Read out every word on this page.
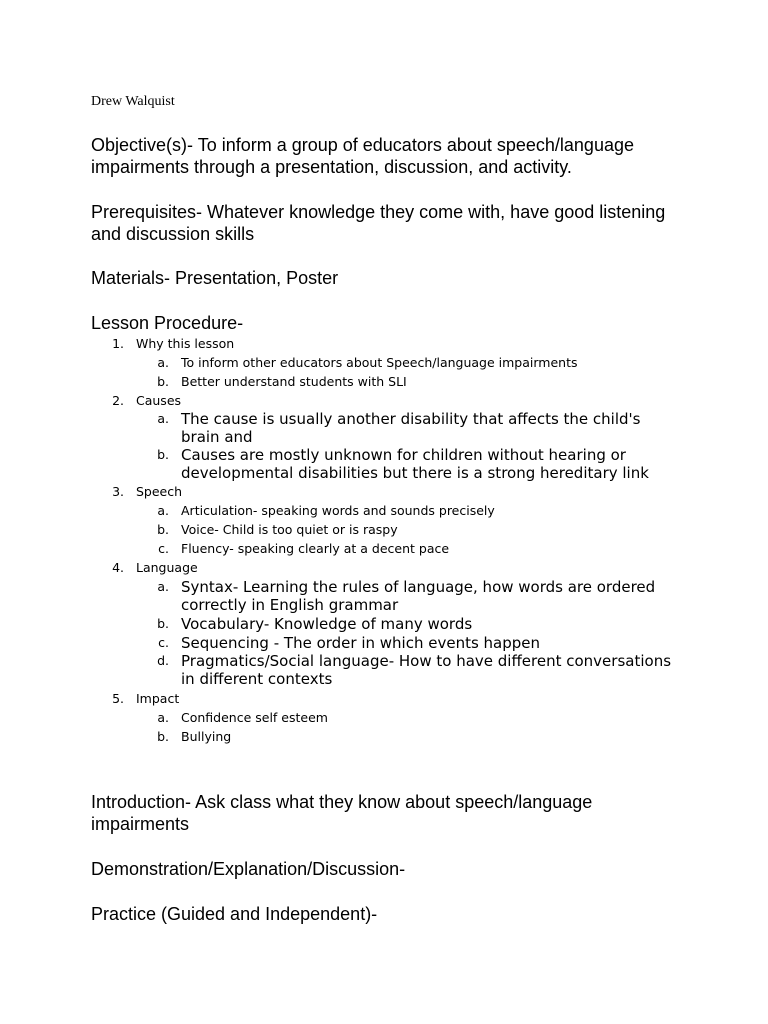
Drew Walquist
Objective(s)- To inform a group of educators about speech/language impairments through a presentation, discussion, and activity.
Prerequisites- Whatever knowledge they come with, have good listening and discussion skills
Materials- Presentation, Poster
Lesson Procedure-
1. Why this lesson
a. To inform other educators about Speech/language impairments
b. Better understand students with SLI
2. Causes
a. The cause is usually another disability that affects the child's brain and
b. Causes are mostly unknown for children without hearing or developmental disabilities but there is a strong hereditary link
3. Speech
a. Articulation- speaking words and sounds precisely
b. Voice- Child is too quiet or is raspy
c. Fluency- speaking clearly at a decent pace
4. Language
a. Syntax- Learning the rules of language, how words are ordered correctly in English grammar
b. Vocabulary- Knowledge of many words
c. Sequencing - The order in which events happen
d. Pragmatics/Social language- How to have different conversations in different contexts
5. Impact
a. Confidence self esteem
b. Bullying
Introduction- Ask class what they know about speech/language impairments
Demonstration/Explanation/Discussion-
Practice (Guided and Independent)-
